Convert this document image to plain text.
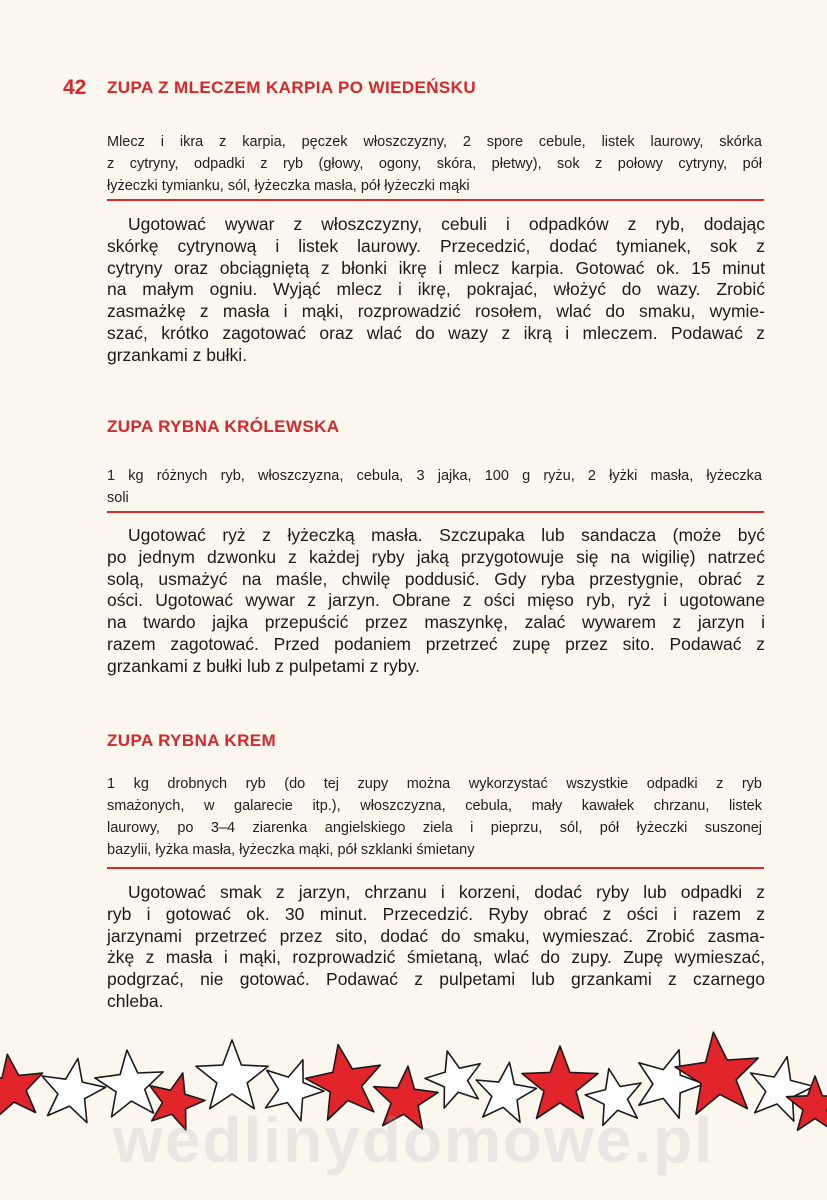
42 ZUPA Z MLECZEM KARPIA PO WIEDEŃSKU
Mlecz i ikra z karpia, pęczek włoszczyzny, 2 spore cebule, listek laurowy, skórka
z cytryny, odpadki z ryb (głowy, ogony, skóra, płetwy), sok z połowy cytryny, pół
łyżeczki tymianku, sól, łyżeczka masła, pół łyżeczki mąki
Ugotować wywar z włoszczyzny, cebuli i odpadków z ryb, dodając
skórkę cytrynową i listek laurowy. Przecedzić, dodać tymianek, sok z
cytryny oraz obciągniętą z błonki ikrę i mlecz karpia. Gotować ok. 15 minut
na małym ogniu. Wyjąć mlecz i ikrę, pokrajać, włożyć do wazy. Zrobić
zasmażkę z masła i mąki, rozprowadzić rosołem, wlać do smaku, wymie-
szać, krótko zagotować oraz wlać do wazy z ikrą i mleczem. Podawać z
grzankami z bułki.
ZUPA RYBNA KRÓLEWSKA
1 kg różnych ryb, włoszczyzna, cebula, 3 jajka, 100 g ryżu, 2 łyżki masła, łyżeczka
soli
Ugotować ryż z łyżeczką masła. Szczupaka lub sandacza (może być
po jednym dzwonku z każdej ryby jaką przygotowuje się na wigilię) natrzeć
solą, usmażyć na maśle, chwilę poddusić. Gdy ryba przestygnie, obrać z
ości. Ugotować wywar z jarzyn. Obrane z ości mięso ryb, ryż i ugotowane
na twardo jajka przepuścić przez maszynkę, zalać wywarem z jarzyn i
razem zagotować. Przed podaniem przetrzeć zupę przez sito. Podawać z
grzankami z bułki lub z pulpetami z ryby.
ZUPA RYBNA KREM
1 kg drobnych ryb (do tej zupy można wykorzystać wszystkie odpadki z ryb
smażonych, w galarecie itp.), włoszczyzna, cebula, mały kawałek chrzanu, listek
laurowy, po 3–4 ziarenka angielskiego ziela i pieprzu, sól, pół łyżeczki suszonej
bazylii, łyżka masła, łyżeczka mąki, pół szklanki śmietany
Ugotować smak z jarzyn, chrzanu i korzeni, dodać ryby lub odpadki z
ryb i gotować ok. 30 minut. Przecedzić. Ryby obrać z ości i razem z
jarzynami przetrzeć przez sito, dodać do smaku, wymieszać. Zrobić zasma-
żkę z masła i mąki, rozprowadzić śmietaną, wlać do zupy. Zupę wymieszać,
podgrzać, nie gotować. Podawać z pulpetami lub grzankami z czarnego
chleba.
wedlinydomowe.pl
